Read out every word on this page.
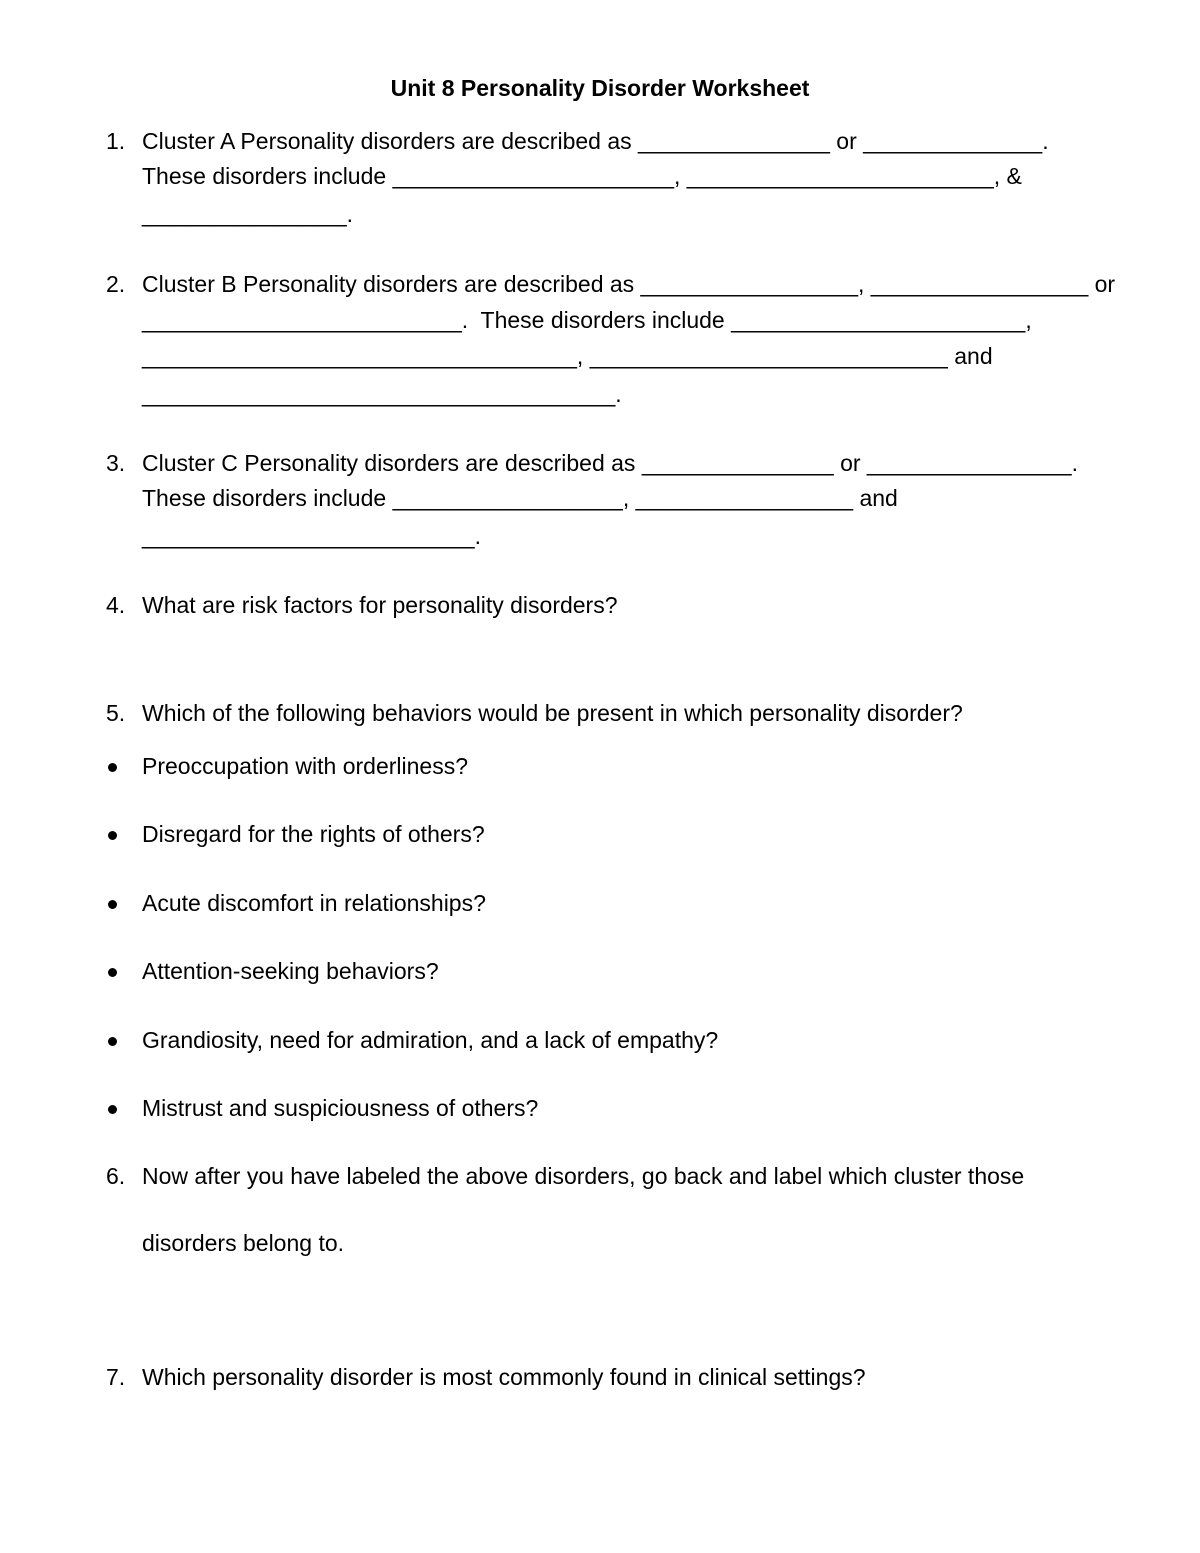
Unit 8 Personality Disorder Worksheet
1. Cluster A Personality disorders are described as _______________ or ______________.
These disorders include ______________________, ________________________, &
________________.
2. Cluster B Personality disorders are described as _________________, _________________ or
_________________________.  These disorders include _______________________,
__________________________________, ____________________________ and
_____________________________________.
3. Cluster C Personality disorders are described as _______________ or ________________.
These disorders include __________________, _________________ and
__________________________.
4. What are risk factors for personality disorders?
5. Which of the following behaviors would be present in which personality disorder?
Preoccupation with orderliness?
Disregard for the rights of others?
Acute discomfort in relationships?
Attention-seeking behaviors?
Grandiosity, need for admiration, and a lack of empathy?
Mistrust and suspiciousness of others?
6. Now after you have labeled the above disorders, go back and label which cluster those
disorders belong to.
7. Which personality disorder is most commonly found in clinical settings?
